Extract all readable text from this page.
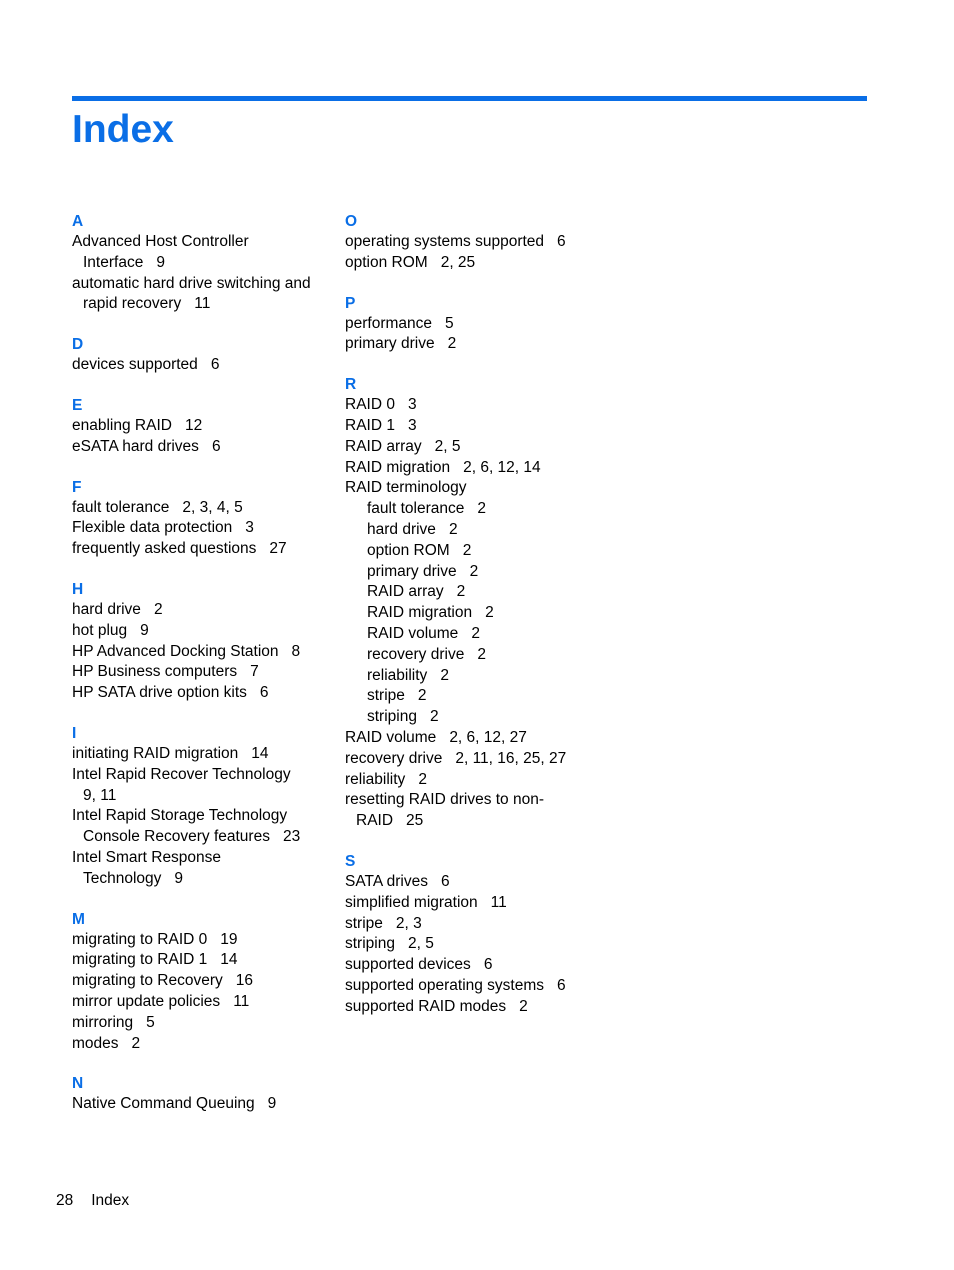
Index
A
Advanced Host Controller
Interface 9
automatic hard drive switching and
rapid recovery 11
D
devices supported 6
E
enabling RAID 12
eSATA hard drives 6
F
fault tolerance 2, 3, 4, 5
Flexible data protection 3
frequently asked questions 27
H
hard drive 2
hot plug 9
HP Advanced Docking Station 8
HP Business computers 7
HP SATA drive option kits 6
I
initiating RAID migration 14
Intel Rapid Recover Technology
9, 11
Intel Rapid Storage Technology
Console Recovery features 23
Intel Smart Response
Technology 9
M
migrating to RAID 0 19
migrating to RAID 1 14
migrating to Recovery 16
mirror update policies 11
mirroring 5
modes 2
N
Native Command Queuing 9
O
operating systems supported 6
option ROM 2, 25
P
performance 5
primary drive 2
R
RAID 0 3
RAID 1 3
RAID array 2, 5
RAID migration 2, 6, 12, 14
RAID terminology
fault tolerance 2
hard drive 2
option ROM 2
primary drive 2
RAID array 2
RAID migration 2
RAID volume 2
recovery drive 2
reliability 2
stripe 2
striping 2
RAID volume 2, 6, 12, 27
recovery drive 2, 11, 16, 25, 27
reliability 2
resetting RAID drives to non-
RAID 25
S
SATA drives 6
simplified migration 11
stripe 2, 3
striping 2, 5
supported devices 6
supported operating systems 6
supported RAID modes 2
28 Index
